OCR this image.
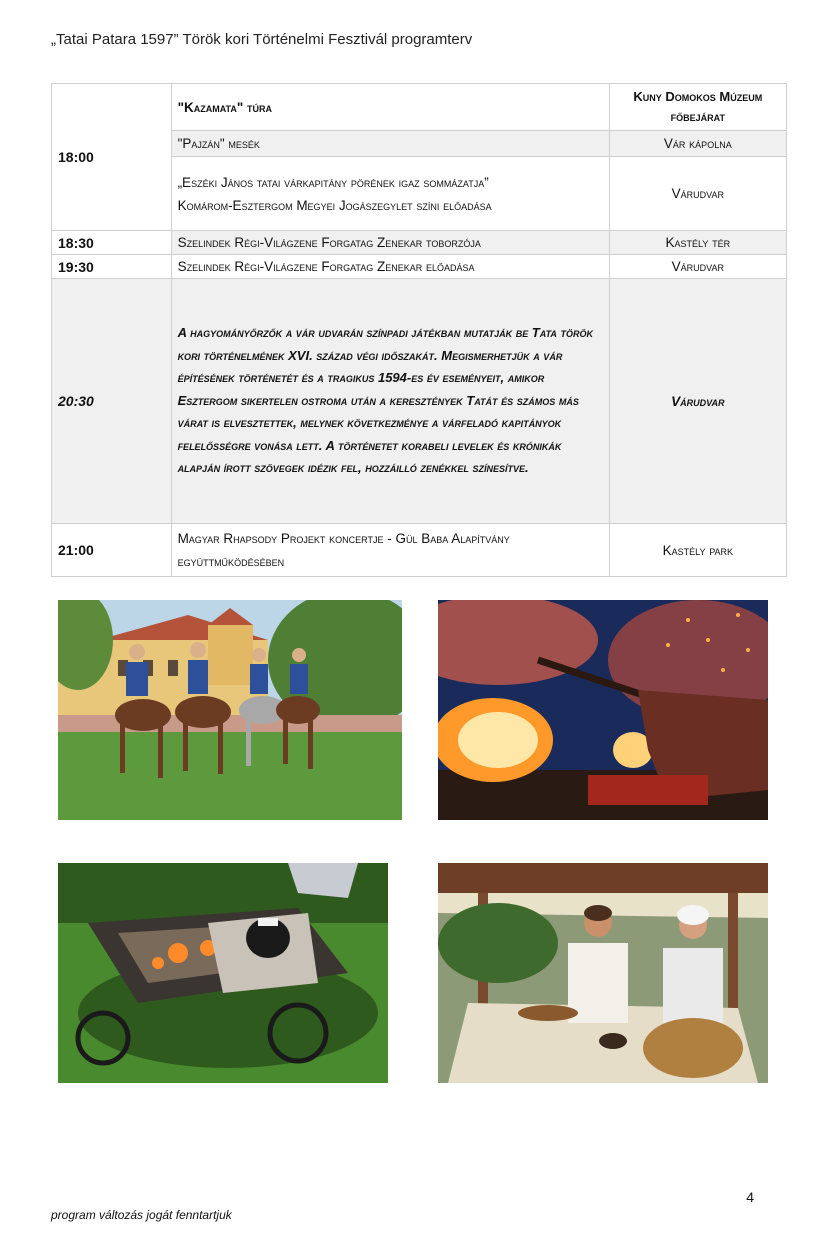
„Tatai Patara 1597” Török kori Történelmi Fesztivál programterv
18:00	"Kazamata" túra	Kuny Domokos Múzeum főbejárat
	"Pajzán" mesék	Vár kápolna
	„Eszéki János tatai várkapitány pörének igaz sommázatja”
Komárom-Esztergom Megyei Jogászegylet színi előadása	Várudvar
18:30	Szelindek Régi-Világzene Forgatag Zenekar toborzója	Kastély tér
19:30	Szelindek Régi-Világzene Forgatag Zenekar előadása	Várudvar
20:30	A hagyományőrzők a vár udvarán színpadi játékban mutatják be Tata török kori történelmének XVI. század végi időszakát. Megismerhetjük a vár építésének történetét és a tragikus 1594-es év eseményeit, amikor Esztergom sikertelen ostroma után a keresztények Tatát és számos más várat is elvesztettek, melynek következménye a várfeladó kapitányok felelősségre vonása lett. A történetet korabeli levelek és krónikák alapján írott szövegek idézik fel, hozzáilló zenékkel színesítve.	Várudvar
21:00	Magyar Rhapsody Projekt koncertje - Gül Baba Alapítvány együttműködésében	Kastély park
4
program változás jogát fenntartjuk
